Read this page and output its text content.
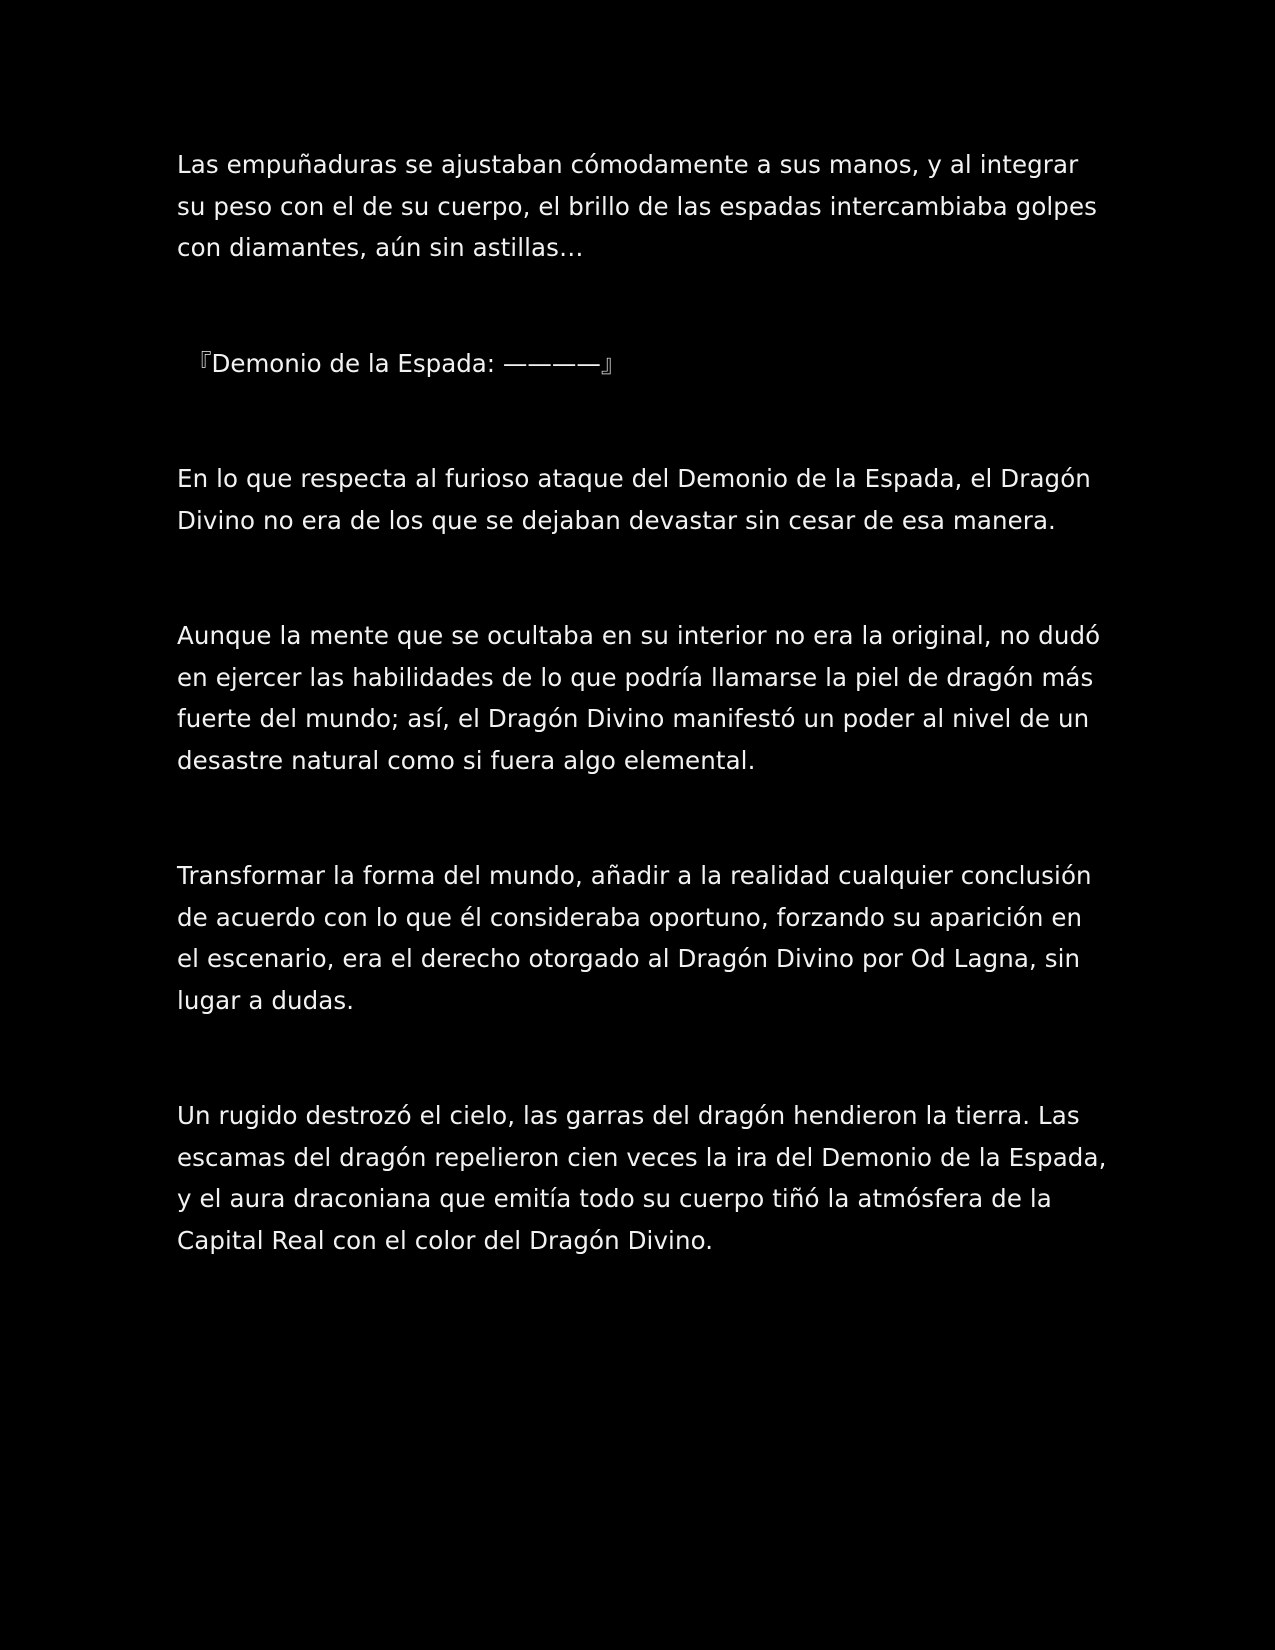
Las empuñaduras se ajustaban cómodamente a sus manos, y al integrar su peso con el de su cuerpo, el brillo de las espadas intercambiaba golpes con diamantes, aún sin astillas…

『Demonio de la Espada: ————』

En lo que respecta al furioso ataque del Demonio de la Espada, el Dragón Divino no era de los que se dejaban devastar sin cesar de esa manera.

Aunque la mente que se ocultaba en su interior no era la original, no dudó en ejercer las habilidades de lo que podría llamarse la piel de dragón más fuerte del mundo; así, el Dragón Divino manifestó un poder al nivel de un desastre natural como si fuera algo elemental.

Transformar la forma del mundo, añadir a la realidad cualquier conclusión de acuerdo con lo que él consideraba oportuno, forzando su aparición en el escenario, era el derecho otorgado al Dragón Divino por Od Lagna, sin lugar a dudas.

Un rugido destrozó el cielo, las garras del dragón hendieron la tierra. Las escamas del dragón repelieron cien veces la ira del Demonio de la Espada, y el aura draconiana que emitía todo su cuerpo tiñó la atmósfera de la Capital Real con el color del Dragón Divino.
